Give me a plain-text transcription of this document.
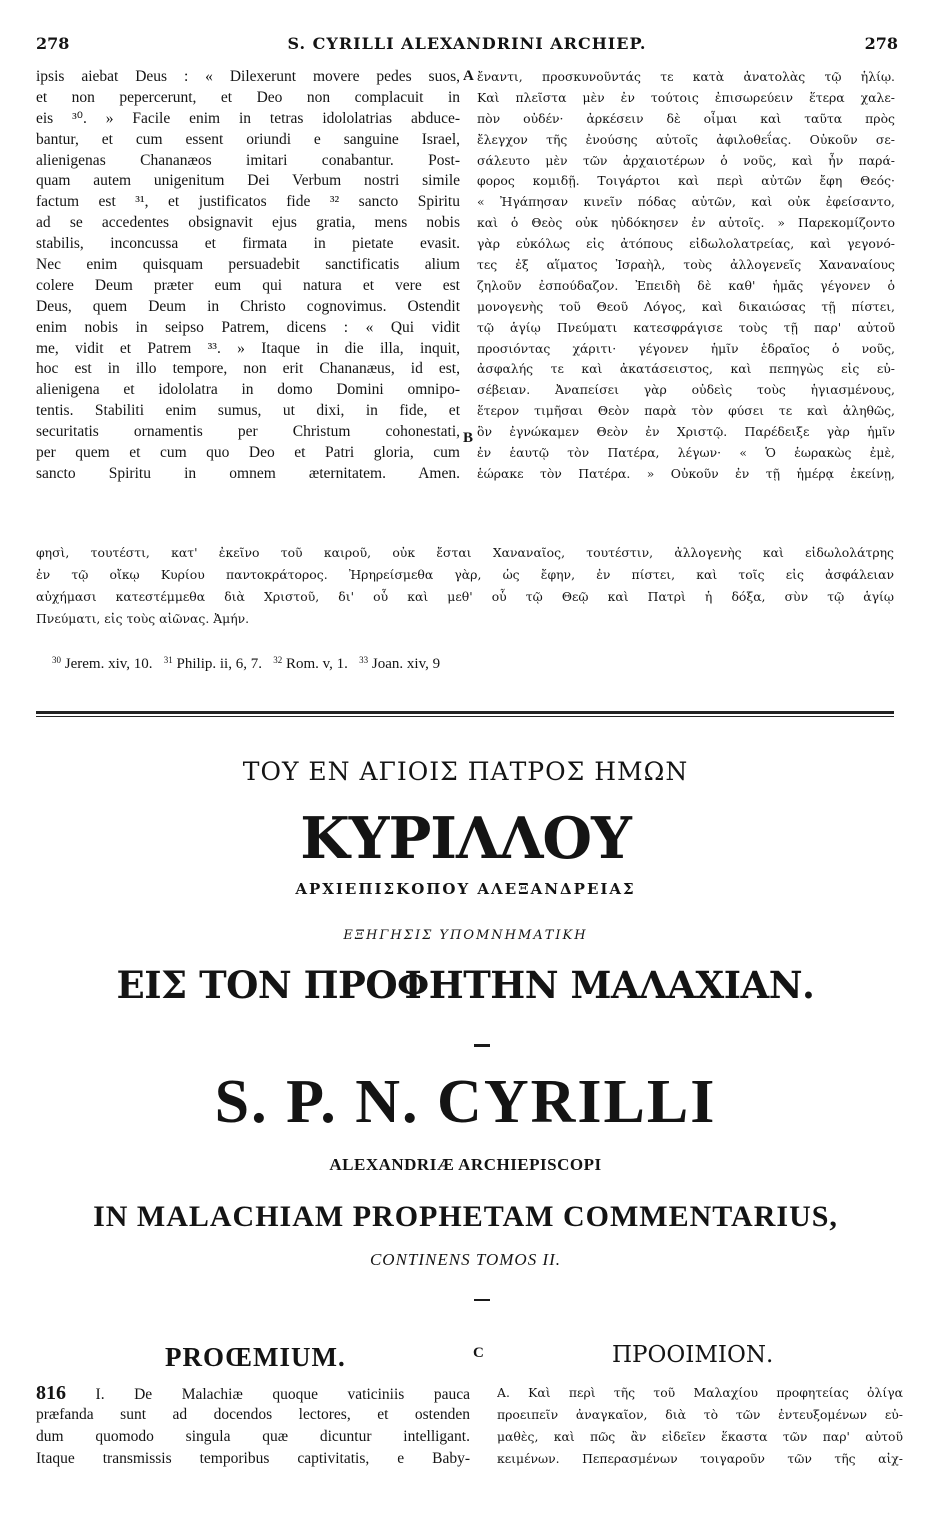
278	S. CYRILLI ALEXANDRINI ARCHIEP.	278
ipsis aiebat Deus : « Dilexerunt movere pedes suos,
et non pepercerunt, et Deo non complacuit in
eis ³⁰. » Facile enim in tetras idololatrias abduce-
bantur, et cum essent oriundi e sanguine Israel,
alienigenas Chananæos imitari conabantur. Post-
quam autem unigenitum Dei Verbum nostri simile
factum est ³¹, et justificatos fide ³² sancto Spiritu
ad se accedentes obsignavit ejus gratia, mens nobis
stabilis, inconcussa et firmata in pietate evasit.
Nec enim quisquam persuadebit sanctificatis alium
colere Deum præter eum qui natura et vere est
Deus, quem Deum in Christo cognovimus. Ostendit
enim nobis in seipso Patrem, dicens : « Qui vidit
me, vidit et Patrem ³³. » Itaque in die illa, inquit,
hoc est in illo tempore, non erit Chananæus, id est,
alienigena et idololatra in domo Domini omnipo-
tentis. Stabiliti enim sumus, ut dixi, in fide, et
securitatis ornamentis per Christum cohonestati,
per quem et cum quo Deo et Patri gloria, cum
sancto Spiritu in omnem æternitatem. Amen.
A
B
ἔναντι, προσκυνοῦντάς τε κατὰ ἀνατολὰς τῷ ἡλίῳ.
Καὶ πλεῖστα μὲν ἐν τούτοις ἐπισωρεύειν ἕτερα χαλε-
πὸν οὐδέν· ἀρκέσειν δὲ οἶμαι καὶ ταῦτα πρὸς
ἔλεγχον τῆς ἐνούσης αὐτοῖς ἀφιλοθεΐας. Οὐκοῦν σε-
σάλευτο μὲν τῶν ἀρχαιοτέρων ὁ νοῦς, καὶ ἦν παρά-
φορος κομιδῇ. Τοιγάρτοι καὶ περὶ αὐτῶν ἔφη Θεός·
« Ἠγάπησαν κινεῖν πόδας αὐτῶν, καὶ οὐκ ἐφείσαντο,
καὶ ὁ Θεὸς οὐκ ηὐδόκησεν ἐν αὐτοῖς. » Παρεκομίζοντο
γὰρ εὐκόλως εἰς ἀτόπους εἰδωλολατρείας, καὶ γεγονό-
τες ἐξ αἵματος Ἰσραὴλ, τοὺς ἀλλογενεῖς Χαναναίους
ζηλοῦν ἐσπούδαζον. Ἐπειδὴ δὲ καθ' ἡμᾶς γέγονεν ὁ
μονογενὴς τοῦ Θεοῦ Λόγος, καὶ δικαιώσας τῇ πίστει,
τῷ ἁγίῳ Πνεύματι κατεσφράγισε τοὺς τῇ παρ' αὐτοῦ
προσιόντας χάριτι· γέγονεν ἡμῖν ἑδραῖος ὁ νοῦς,
ἀσφαλής τε καὶ ἀκατάσειστος, καὶ πεπηγὼς εἰς εὐ-
σέβειαν. Ἀναπείσει γὰρ οὐδεὶς τοὺς ἡγιασμένους,
ἕτερον τιμῆσαι Θεὸν παρὰ τὸν φύσει τε καὶ ἀληθῶς,
ὃν ἐγνώκαμεν Θεὸν ἐν Χριστῷ. Παρέδειξε γὰρ ἡμῖν
ἐν ἑαυτῷ τὸν Πατέρα, λέγων· « Ὁ ἑωρακὼς ἐμὲ,
ἑώρακε τὸν Πατέρα. » Οὐκοῦν ἐν τῇ ἡμέρᾳ ἐκείνῃ,
φησὶ, τουτέστι, κατ' ἐκεῖνο τοῦ καιροῦ, οὐκ ἔσται Χαναναῖος, τουτέστιν, ἀλλογενὴς καὶ εἰδωλολάτρης
ἐν τῷ οἴκῳ Κυρίου παντοκράτορος. Ἠρηρείσμεθα γὰρ, ὡς ἔφην, ἐν πίστει, καὶ τοῖς εἰς ἀσφάλειαν
αὐχήμασι κατεστέμμεθα διὰ Χριστοῦ, δι' οὗ καὶ μεθ' οὗ τῷ Θεῷ καὶ Πατρὶ ἡ δόξα, σὺν τῷ ἁγίῳ
Πνεύματι, εἰς τοὺς αἰῶνας. Ἀμήν.
$^{30}$ Jerem. xiv, 10. $^{31}$ Philip. ii, 6, 7. $^{32}$ Rom. v, 1. $^{33}$ Joan. xiv, 9
ΤΟΥ ΕΝ ΑΓΙΟΙΣ ΠΑΤΡΟΣ ΗΜΩΝ
ΚΥΡΙΛΛΟΥ
ΑΡΧΙΕΠΙΣΚΟΠΟΥ ΑΛΕΞΑΝΔΡΕΙΑΣ
ΕΞΗΓΗΣΙΣ ΥΠΟΜΝΗΜΑΤΙΚΗ
ΕΙΣ ΤΟΝ ΠΡΟΦΗΤΗΝ ΜΑΛΑΧΙΑΝ.
S. P. N. CYRILLI
ALEXANDRIÆ ARCHIEPISCOPI
IN MALACHIAM PROPHETAM COMMENTARIUS,
CONTINENS TOMOS II.
PROŒMIUM.	C	ΠΡΟΟΙΜΙΟΝ.
816 I. De Malachiæ quoque vaticiniis pauca
præfanda sunt ad docendos lectores, et ostenden
dum quomodo singula quæ dicuntur intelligant.
Itaque transmissis temporibus captivitatis, e Baby-
Α. Καὶ περὶ τῆς τοῦ Μαλαχίου προφητείας ὀλίγα
προειπεῖν ἀναγκαῖον, διὰ τὸ τῶν ἐντευξομένων εὐ-
μαθὲς, καὶ πῶς ἂν εἰδεῖεν ἕκαστα τῶν παρ' αὐτοῦ
κειμένων. Πεπερασμένων τοιγαροῦν τῶν τῆς αἰχ-
